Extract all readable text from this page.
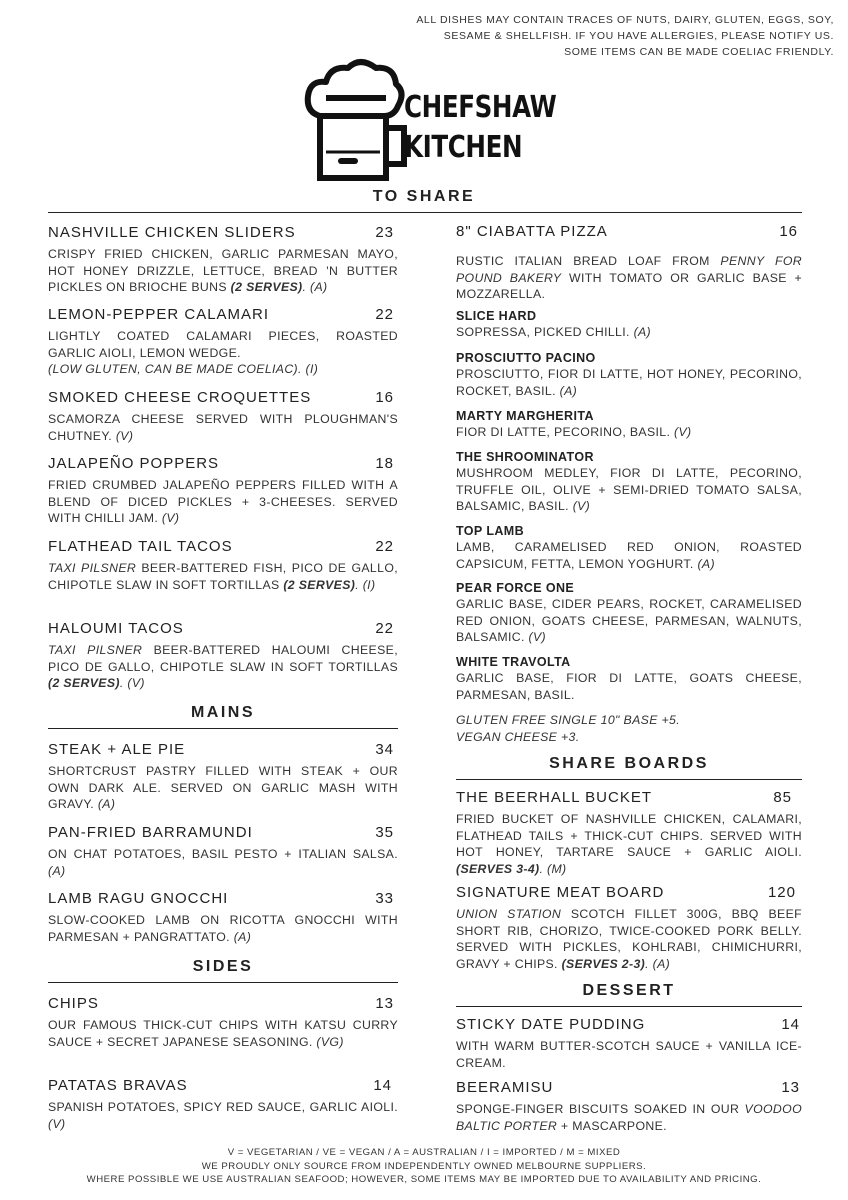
ALL DISHES MAY CONTAIN TRACES OF NUTS, DAIRY, GLUTEN, EGGS, SOY, SESAME & SHELLFISH. IF YOU HAVE ALLERGIES, PLEASE NOTIFY US. SOME ITEMS CAN BE MADE COELIAC FRIENDLY.
CHEFSHAW
KITCHEN
TO SHARE
NASHVILLE CHICKEN SLIDERS	23
CRISPY FRIED CHICKEN, GARLIC PARMESAN MAYO, HOT HONEY DRIZZLE, LETTUCE, BREAD 'N BUTTER PICKLES ON BRIOCHE BUNS (2 SERVES). (A)
LEMON-PEPPER CALAMARI	22
LIGHTLY COATED CALAMARI PIECES, ROASTED GARLIC AIOLI, LEMON WEDGE.
(LOW GLUTEN, CAN BE MADE COELIAC). (I)
SMOKED CHEESE CROQUETTES	16
SCAMORZA CHEESE SERVED WITH PLOUGHMAN'S CHUTNEY. (V)
JALAPEÑO POPPERS	18
FRIED CRUMBED JALAPEÑO PEPPERS FILLED WITH A BLEND OF DICED PICKLES + 3-CHEESES. SERVED WITH CHILLI JAM. (V)
FLATHEAD TAIL TACOS	22
TAXI PILSNER BEER-BATTERED FISH, PICO DE GALLO, CHIPOTLE SLAW IN SOFT TORTILLAS (2 SERVES). (I)
HALOUMI TACOS	22
TAXI PILSNER BEER-BATTERED HALOUMI CHEESE, PICO DE GALLO, CHIPOTLE SLAW IN SOFT TORTILLAS (2 SERVES). (V)
MAINS
STEAK + ALE PIE	34
SHORTCRUST PASTRY FILLED WITH STEAK + OUR OWN DARK ALE. SERVED ON GARLIC MASH WITH GRAVY. (A)
PAN-FRIED BARRAMUNDI	35
ON CHAT POTATOES, BASIL PESTO + ITALIAN SALSA. (A)
LAMB RAGU GNOCCHI	33
SLOW-COOKED LAMB ON RICOTTA GNOCCHI WITH PARMESAN + PANGRATTATO. (A)
SIDES
CHIPS	13
OUR FAMOUS THICK-CUT CHIPS WITH KATSU CURRY SAUCE + SECRET JAPANESE SEASONING. (VG)
PATATAS BRAVAS	14
SPANISH POTATOES, SPICY RED SAUCE, GARLIC AIOLI. (V)
8" CIABATTA PIZZA	16
RUSTIC ITALIAN BREAD LOAF FROM PENNY FOR POUND BAKERY WITH TOMATO OR GARLIC BASE + MOZZARELLA.
SLICE HARD
SOPRESSA, PICKED CHILLI. (A)
PROSCIUTTO PACINO
PROSCIUTTO, FIOR DI LATTE, HOT HONEY, PECORINO, ROCKET, BASIL. (A)
MARTY MARGHERITA
FIOR DI LATTE, PECORINO, BASIL. (V)
THE SHROOMINATOR
MUSHROOM MEDLEY, FIOR DI LATTE, PECORINO, TRUFFLE OIL, OLIVE + SEMI-DRIED TOMATO SALSA, BALSAMIC, BASIL. (V)
TOP LAMB
LAMB, CARAMELISED RED ONION, ROASTED CAPSICUM, FETTA, LEMON YOGHURT. (A)
PEAR FORCE ONE
GARLIC BASE, CIDER PEARS, ROCKET, CARAMELISED RED ONION, GOATS CHEESE, PARMESAN, WALNUTS, BALSAMIC. (V)
WHITE TRAVOLTA
GARLIC BASE, FIOR DI LATTE, GOATS CHEESE, PARMESAN, BASIL.
GLUTEN FREE SINGLE 10" BASE +5.
VEGAN CHEESE +3.
SHARE BOARDS
THE BEERHALL BUCKET	85
FRIED BUCKET OF NASHVILLE CHICKEN, CALAMARI, FLATHEAD TAILS + THICK-CUT CHIPS. SERVED WITH HOT HONEY, TARTARE SAUCE + GARLIC AIOLI. (SERVES 3-4). (M)
SIGNATURE MEAT BOARD	120
UNION STATION SCOTCH FILLET 300G, BBQ BEEF SHORT RIB, CHORIZO, TWICE-COOKED PORK BELLY. SERVED WITH PICKLES, KOHLRABI, CHIMICHURRI, GRAVY + CHIPS. (SERVES 2-3). (A)
DESSERT
STICKY DATE PUDDING	14
WITH WARM BUTTER-SCOTCH SAUCE + VANILLA ICE-CREAM.
BEERAMISU	13
SPONGE-FINGER BISCUITS SOAKED IN OUR VOODOO BALTIC PORTER + MASCARPONE.
V = VEGETARIAN / VE = VEGAN / A = AUSTRALIAN / I = IMPORTED / M = MIXED
WE PROUDLY ONLY SOURCE FROM INDEPENDENTLY OWNED MELBOURNE SUPPLIERS.
WHERE POSSIBLE WE USE AUSTRALIAN SEAFOOD; HOWEVER, SOME ITEMS MAY BE IMPORTED DUE TO AVAILABILITY AND PRICING.
